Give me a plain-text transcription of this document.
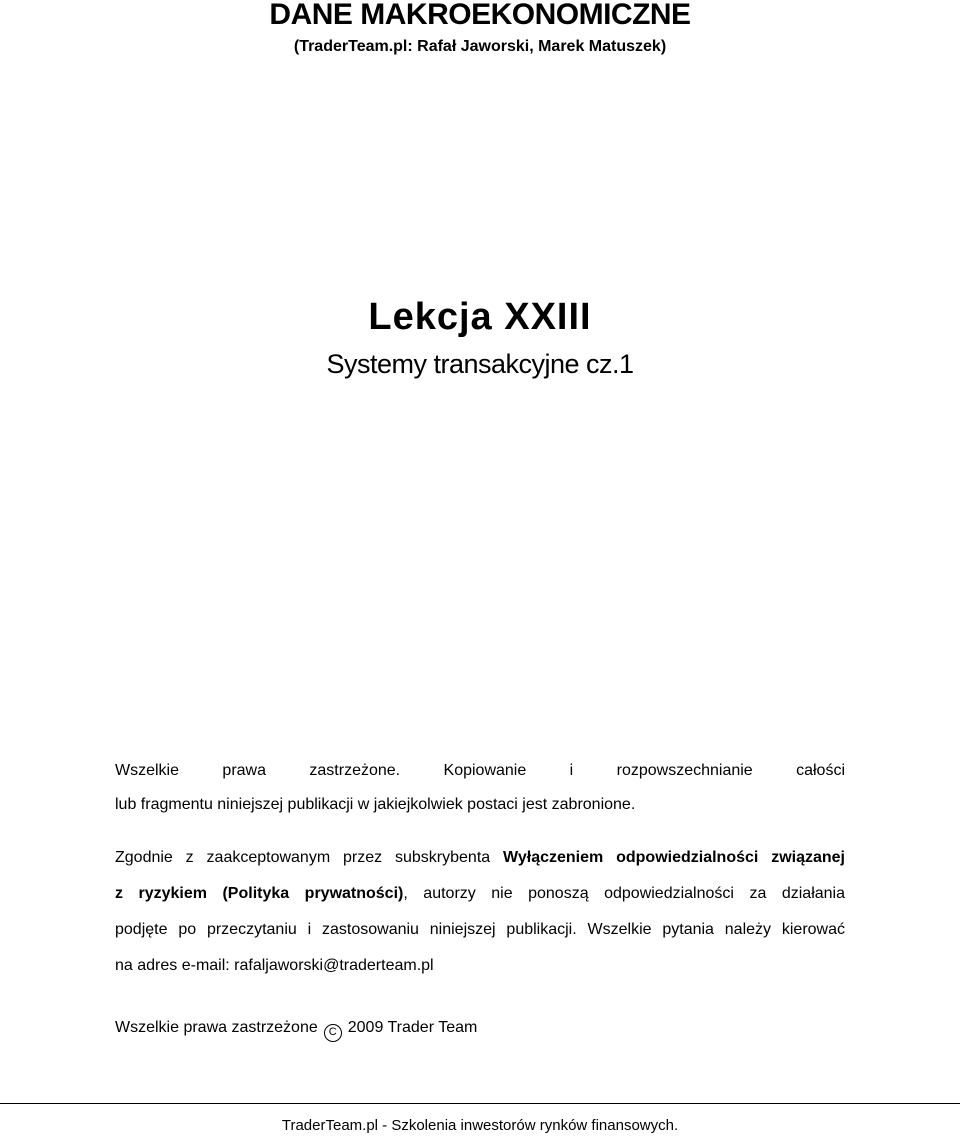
DANE MAKROEKONOMICZNE
(TraderTeam.pl: Rafał Jaworski, Marek Matuszek)
Lekcja XXIII
Systemy transakcyjne cz.1
Wszelkie prawa zastrzeżone. Kopiowanie i rozpowszechnianie całości
lub fragmentu niniejszej publikacji w jakiejkolwiek postaci jest zabronione.
Zgodnie z zaakceptowanym przez subskrybenta Wyłączeniem odpowiedzialności związanej
z ryzykiem (Polityka prywatności), autorzy nie ponoszą odpowiedzialności za działania
podjęte po przeczytaniu i zastosowaniu niniejszej publikacji. Wszelkie pytania należy kierować
na adres e-mail: rafaljaworski@traderteam.pl
Wszelkie prawa zastrzeżone C 2009 Trader Team
TraderTeam.pl - Szkolenia inwestorów rynków finansowych.
